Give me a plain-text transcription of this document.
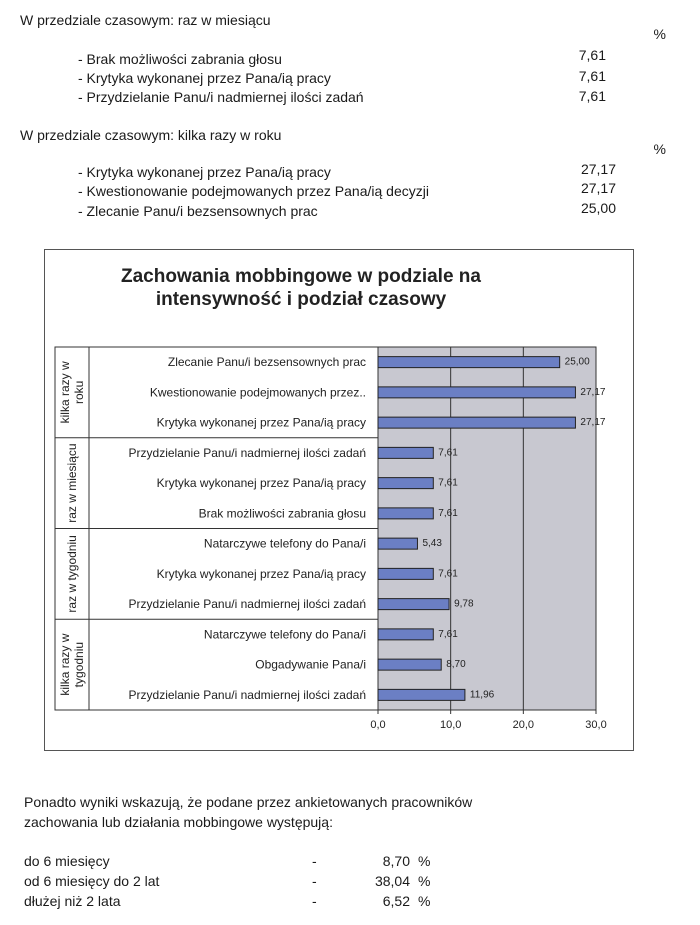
W przedziale czasowym: raz w miesiącu
%
- Brak możliwości zabrania głosu	7,61
- Krytyka wykonanej przez Pana/ią pracy	7,61
- Przydzielanie Panu/i nadmiernej ilości zadań	7,61
W przedziale czasowym: kilka razy w roku
%
- Krytyka wykonanej przez Pana/ią pracy	27,17
- Kwestionowanie podejmowanych przez Pana/ią decyzji	27,17
- Zlecanie Panu/i bezsensownych prac	25,00
Zachowania mobbingowe w podziale na
intensywność i podział czasowy
kilka razy w roku
raz w miesiącu
raz w tygodniu
kilka razy w tygodniu
Zlecanie Panu/i bezsensownych prac	25,00
Kwestionowanie podejmowanych przez..	27,17
Krytyka wykonanej przez Pana/ią pracy	27,17
Przydzielanie Panu/i nadmiernej ilości zadań	7,61
Krytyka wykonanej przez Pana/ią pracy	7,61
Brak możliwości zabrania głosu	7,61
Natarczywe telefony do Pana/i	5,43
Krytyka wykonanej przez Pana/ią pracy	7,61
Przydzielanie Panu/i nadmiernej ilości zadań	9,78
Natarczywe telefony do Pana/i	7,61
Obgadywanie Pana/i	8,70
Przydzielanie Panu/i nadmiernej ilości zadań	11,96
0,0	10,0	20,0	30,0
Ponadto wyniki wskazują, że podane przez ankietowanych pracowników
zachowania lub działania mobbingowe występują:
do 6 miesięcy	-	8,70 %
od 6 miesięcy do 2 lat	-	38,04 %
dłużej niż 2 lata	-	6,52 %
